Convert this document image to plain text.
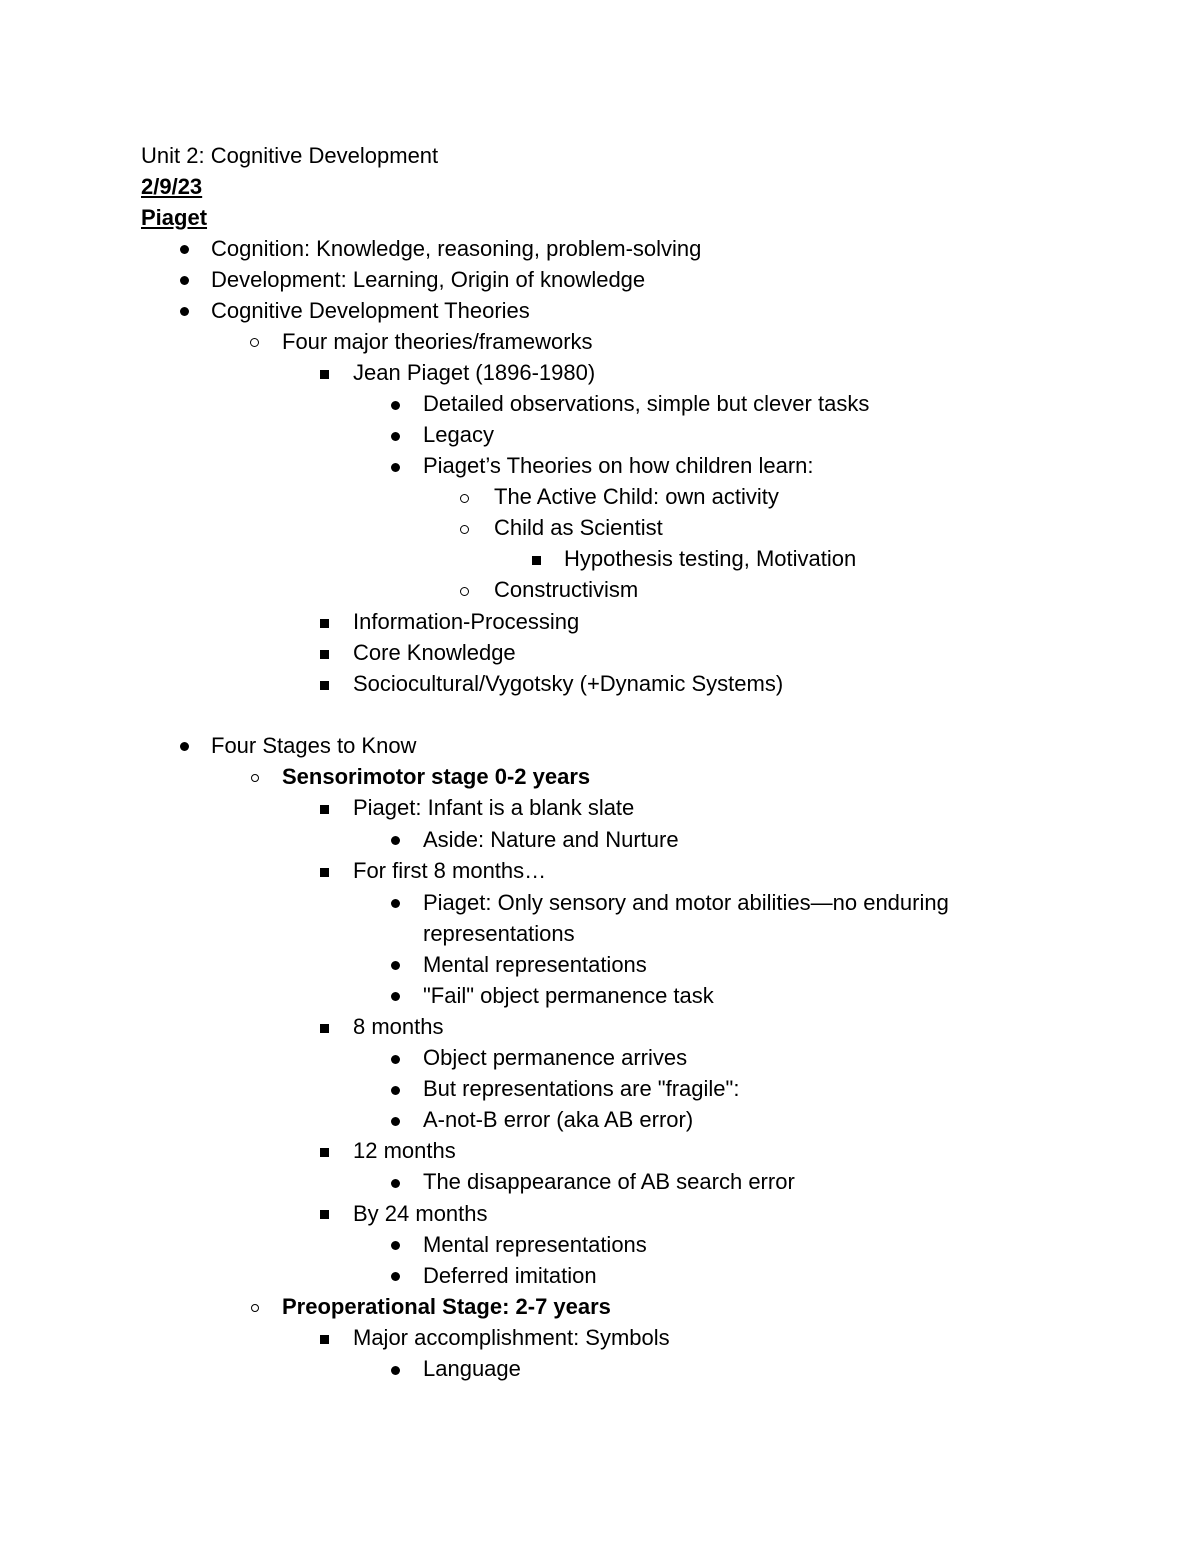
Unit 2: Cognitive Development
2/9/23
Piaget
Cognition: Knowledge, reasoning, problem-solving
Development: Learning, Origin of knowledge
Cognitive Development Theories
Four major theories/frameworks
Jean Piaget (1896-1980)
Detailed observations, simple but clever tasks
Legacy
Piaget’s Theories on how children learn:
The Active Child: own activity
Child as Scientist
Hypothesis testing, Motivation
Constructivism
Information-Processing
Core Knowledge
Sociocultural/Vygotsky (+Dynamic Systems)
Four Stages to Know
Sensorimotor stage 0-2 years
Piaget: Infant is a blank slate
Aside: Nature and Nurture
For first 8 months…
Piaget: Only sensory and motor abilities—no enduring
representations
Mental representations
"Fail" object permanence task
8 months
Object permanence arrives
But representations are "fragile":
A-not-B error (aka AB error)
12 months
The disappearance of AB search error
By 24 months
Mental representations
Deferred imitation
Preoperational Stage: 2-7 years
Major accomplishment: Symbols
Language
